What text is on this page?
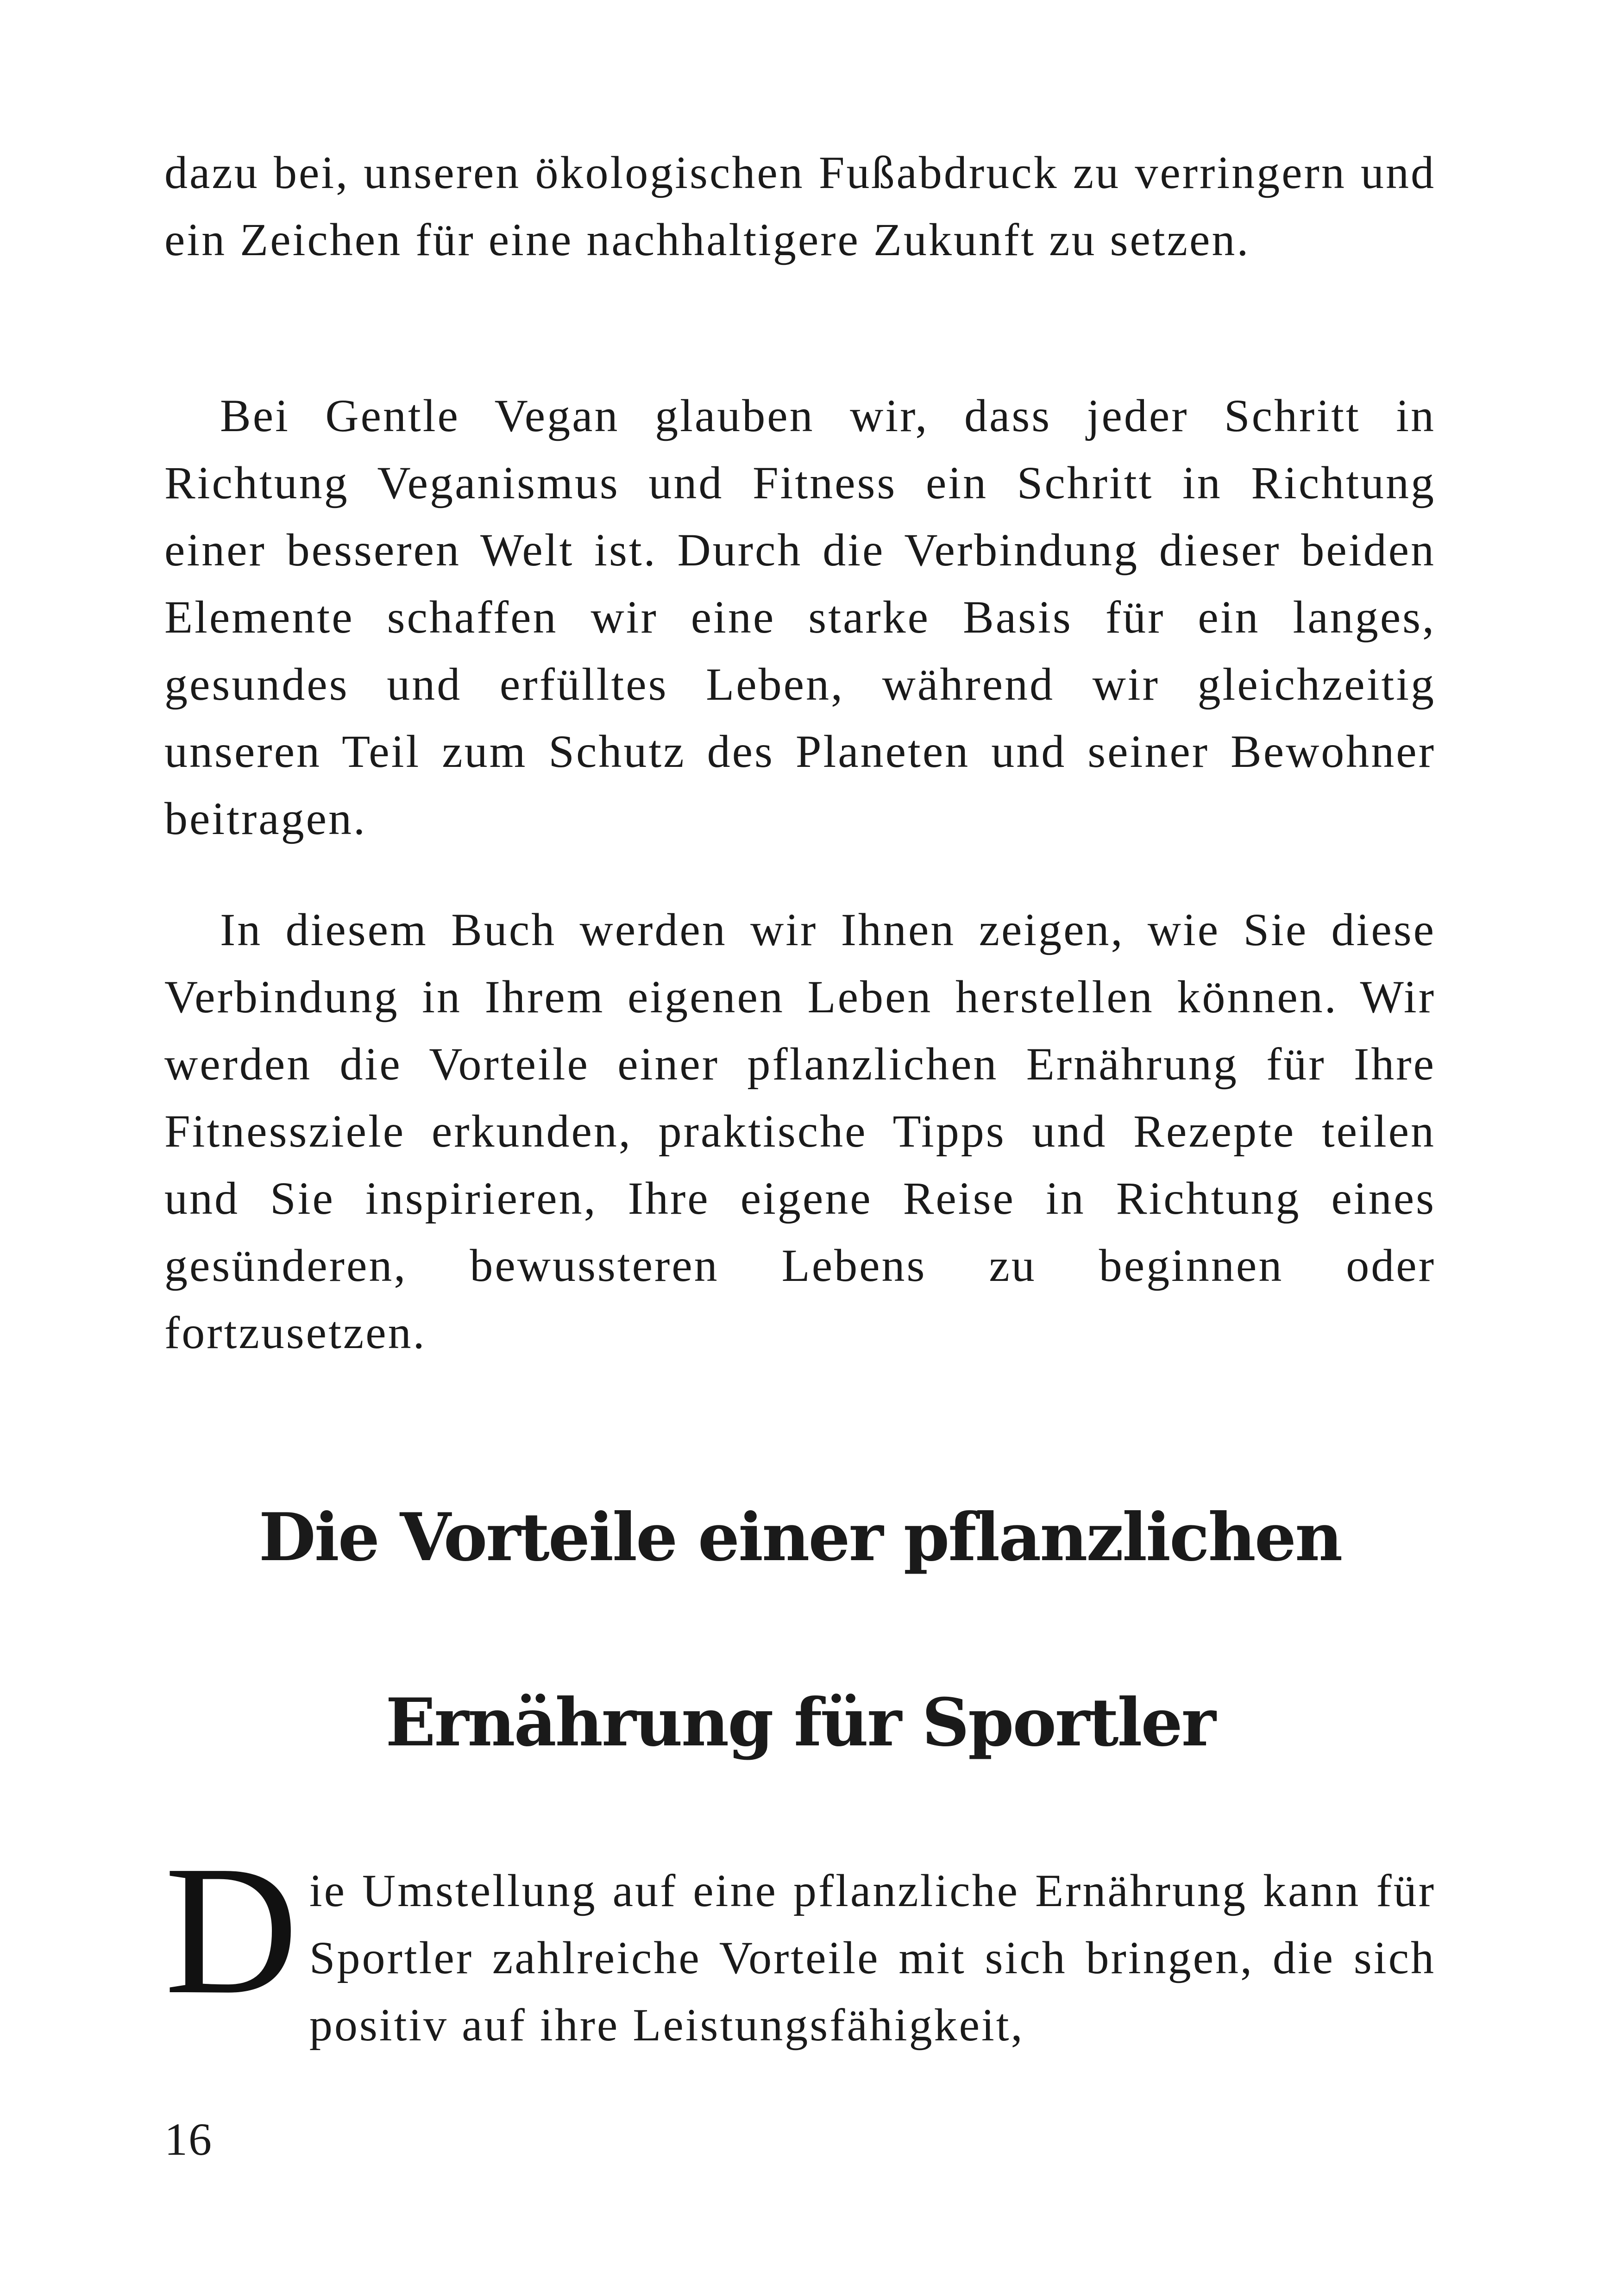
dazu bei, unseren ökologischen Fußabdruck zu verringern und ein Zeichen für eine nachhaltigere Zukunft zu setzen.

Bei Gentle Vegan glauben wir, dass jeder Schritt in Richtung Veganismus und Fitness ein Schritt in Richtung einer besseren Welt ist. Durch die Verbindung dieser beiden Elemente schaffen wir eine starke Basis für ein langes, gesundes und erfülltes Leben, während wir gleichzeitig unseren Teil zum Schutz des Planeten und seiner Bewohner beitragen.

In diesem Buch werden wir Ihnen zeigen, wie Sie diese Verbindung in Ihrem eigenen Leben herstellen können. Wir werden die Vorteile einer pflanzlichen Ernährung für Ihre Fitnessziele erkunden, praktische Tipps und Rezepte teilen und Sie inspirieren, Ihre eigene Reise in Richtung eines gesünderen, bewussteren Lebens zu beginnen oder fortzusetzen.

Die Vorteile einer pflanzlichen
Ernährung für Sportler

Die Umstellung auf eine pflanzliche Ernährung kann für Sportler zahlreiche Vorteile mit sich bringen, die sich positiv auf ihre Leistungsfähigkeit,

16
